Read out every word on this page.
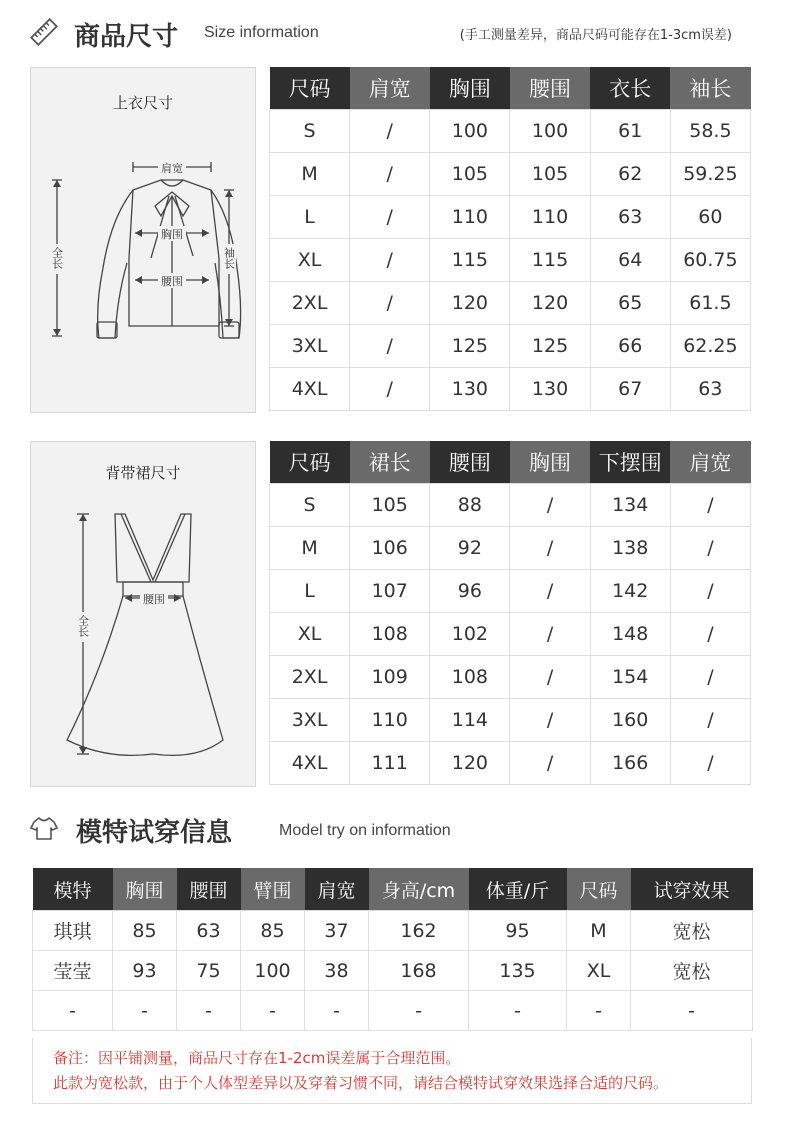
商品尺寸 Size information	(手工测量差异，商品尺码可能存在1-3cm误差)
上衣尺寸
肩宽
胸围
腰围
全长	袖长
尺码	肩宽	胸围	腰围	衣长	袖长
S	/	100	100	61	58.5
M	/	105	105	62	59.25
L	/	110	110	63	60
XL	/	115	115	64	60.75
2XL	/	120	120	65	61.5
3XL	/	125	125	66	62.25
4XL	/	130	130	67	63
背带裙尺寸
腰围
全长
尺码	裙长	腰围	胸围	下摆围	肩宽
S	105	88	/	134	/
M	106	92	/	138	/
L	107	96	/	142	/
XL	108	102	/	148	/
2XL	109	108	/	154	/
3XL	110	114	/	160	/
4XL	111	120	/	166	/
模特试穿信息	Model try on information
模特	胸围	腰围	臂围	肩宽	身高/cm	体重/斤	尺码	试穿效果
琪琪	85	63	85	37	162	95	M	宽松
莹莹	93	75	100	38	168	135	XL	宽松
-	-	-	-	-	-	-	-	-
备注：因平铺测量，商品尺寸存在1-2cm误差属于合理范围。
此款为宽松款，由于个人体型差异以及穿着习惯不同，请结合模特试穿效果选择合适的尺码。
